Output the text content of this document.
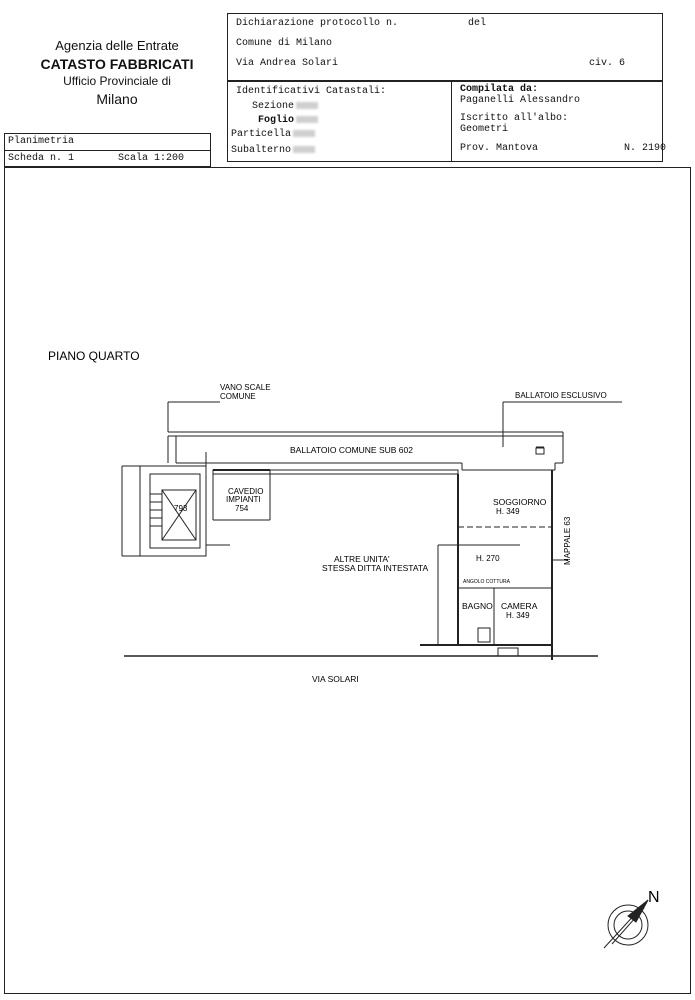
Agenzia delle Entrate
CATASTO FABBRICATI
Ufficio Provinciale di
Milano
Dichiarazione protocollo n.	del
Comune di Milano
Via Andrea Solari	civ. 6
Identificativi Catastali:
Sezione
Foglio
Particella
Subalterno
Compilata da:
Paganelli Alessandro
Iscritto all'albo:
Geometri
Prov. Mantova	N. 2190
Planimetria
Scheda n. 1	Scala 1:200
PIANO QUARTO
VANO SCALE
COMUNE	BALLATOIO ESCLUSIVO
BALLATOIO COMUNE SUB 602
793
CAVEDIO
IMPIANTI
754
SOGGIORNO
H. 349
ALTRE UNITA'
STESSA DITTA INTESTATA
H. 270
ANGOLO COTTURA
BAGNO CAMERA
H. 349
MAPPALE 63
VIA SOLARI
N
